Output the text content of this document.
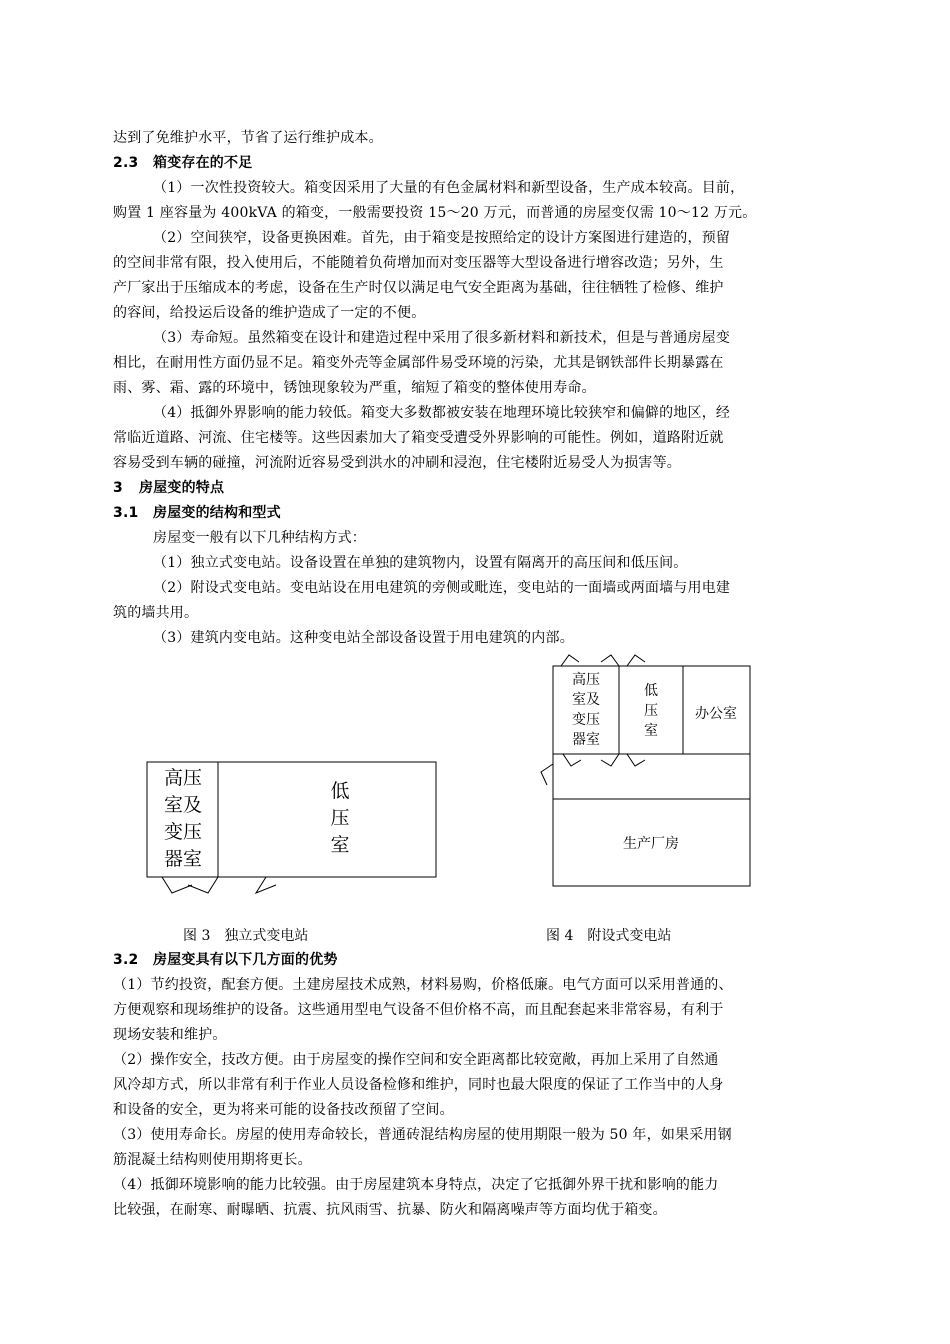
达到了免维护水平，节省了运行维护成本。
2.3 箱变存在的不足
（1）一次性投资较大。箱变因采用了大量的有色金属材料和新型设备，生产成本较高。目前，
购置 1 座容量为 400kVA 的箱变，一般需要投资 15～20 万元，而普通的房屋变仅需 10～12 万元。
（2）空间狭窄，设备更换困难。首先，由于箱变是按照给定的设计方案图进行建造的，预留
的空间非常有限，投入使用后，不能随着负荷增加而对变压器等大型设备进行增容改造；另外，生
产厂家出于压缩成本的考虑，设备在生产时仅以满足电气安全距离为基础，往往牺牲了检修、维护
的容间，给投运后设备的维护造成了一定的不便。
（3）寿命短。虽然箱变在设计和建造过程中采用了很多新材料和新技术，但是与普通房屋变
相比，在耐用性方面仍显不足。箱变外壳等金属部件易受环境的污染，尤其是钢铁部件长期暴露在
雨、雾、霜、露的环境中，锈蚀现象较为严重，缩短了箱变的整体使用寿命。
（4）抵御外界影响的能力较低。箱变大多数都被安装在地理环境比较狭窄和偏僻的地区，经
常临近道路、河流、住宅楼等。这些因素加大了箱变受遭受外界影响的可能性。例如，道路附近就
容易受到车辆的碰撞，河流附近容易受到洪水的冲刷和浸泡，住宅楼附近易受人为损害等。
3 房屋变的特点
3.1 房屋变的结构和型式
房屋变一般有以下几种结构方式：
（1）独立式变电站。设备设置在单独的建筑物内，设置有隔离开的高压间和低压间。
（2）附设式变电站。变电站设在用电建筑的旁侧或毗连，变电站的一面墙或两面墙与用电建
筑的墙共用。
（3）建筑内变电站。这种变电站全部设备设置于用电建筑的内部。
高压
室及
变压
器室
低
压
室
高压
室及
变压
器室
低
压
室
办公室
生产厂房
图 3　独立式变电站	图 4　附设式变电站
3.2 房屋变具有以下几方面的优势
（1）节约投资，配套方便。土建房屋技术成熟，材料易购，价格低廉。电气方面可以采用普通的、
方便观察和现场维护的设备。这些通用型电气设备不但价格不高，而且配套起来非常容易，有利于
现场安装和维护。
（2）操作安全，技改方便。由于房屋变的操作空间和安全距离都比较宽敞，再加上采用了自然通
风冷却方式，所以非常有利于作业人员设备检修和维护，同时也最大限度的保证了工作当中的人身
和设备的安全，更为将来可能的设备技改预留了空间。
（3）使用寿命长。房屋的使用寿命较长，普通砖混结构房屋的使用期限一般为 50 年，如果采用钢
筋混凝土结构则使用期将更长。
（4）抵御环境影响的能力比较强。由于房屋建筑本身特点，决定了它抵御外界干扰和影响的能力
比较强，在耐寒、耐曝晒、抗震、抗风雨雪、抗暴、防火和隔离噪声等方面均优于箱变。
